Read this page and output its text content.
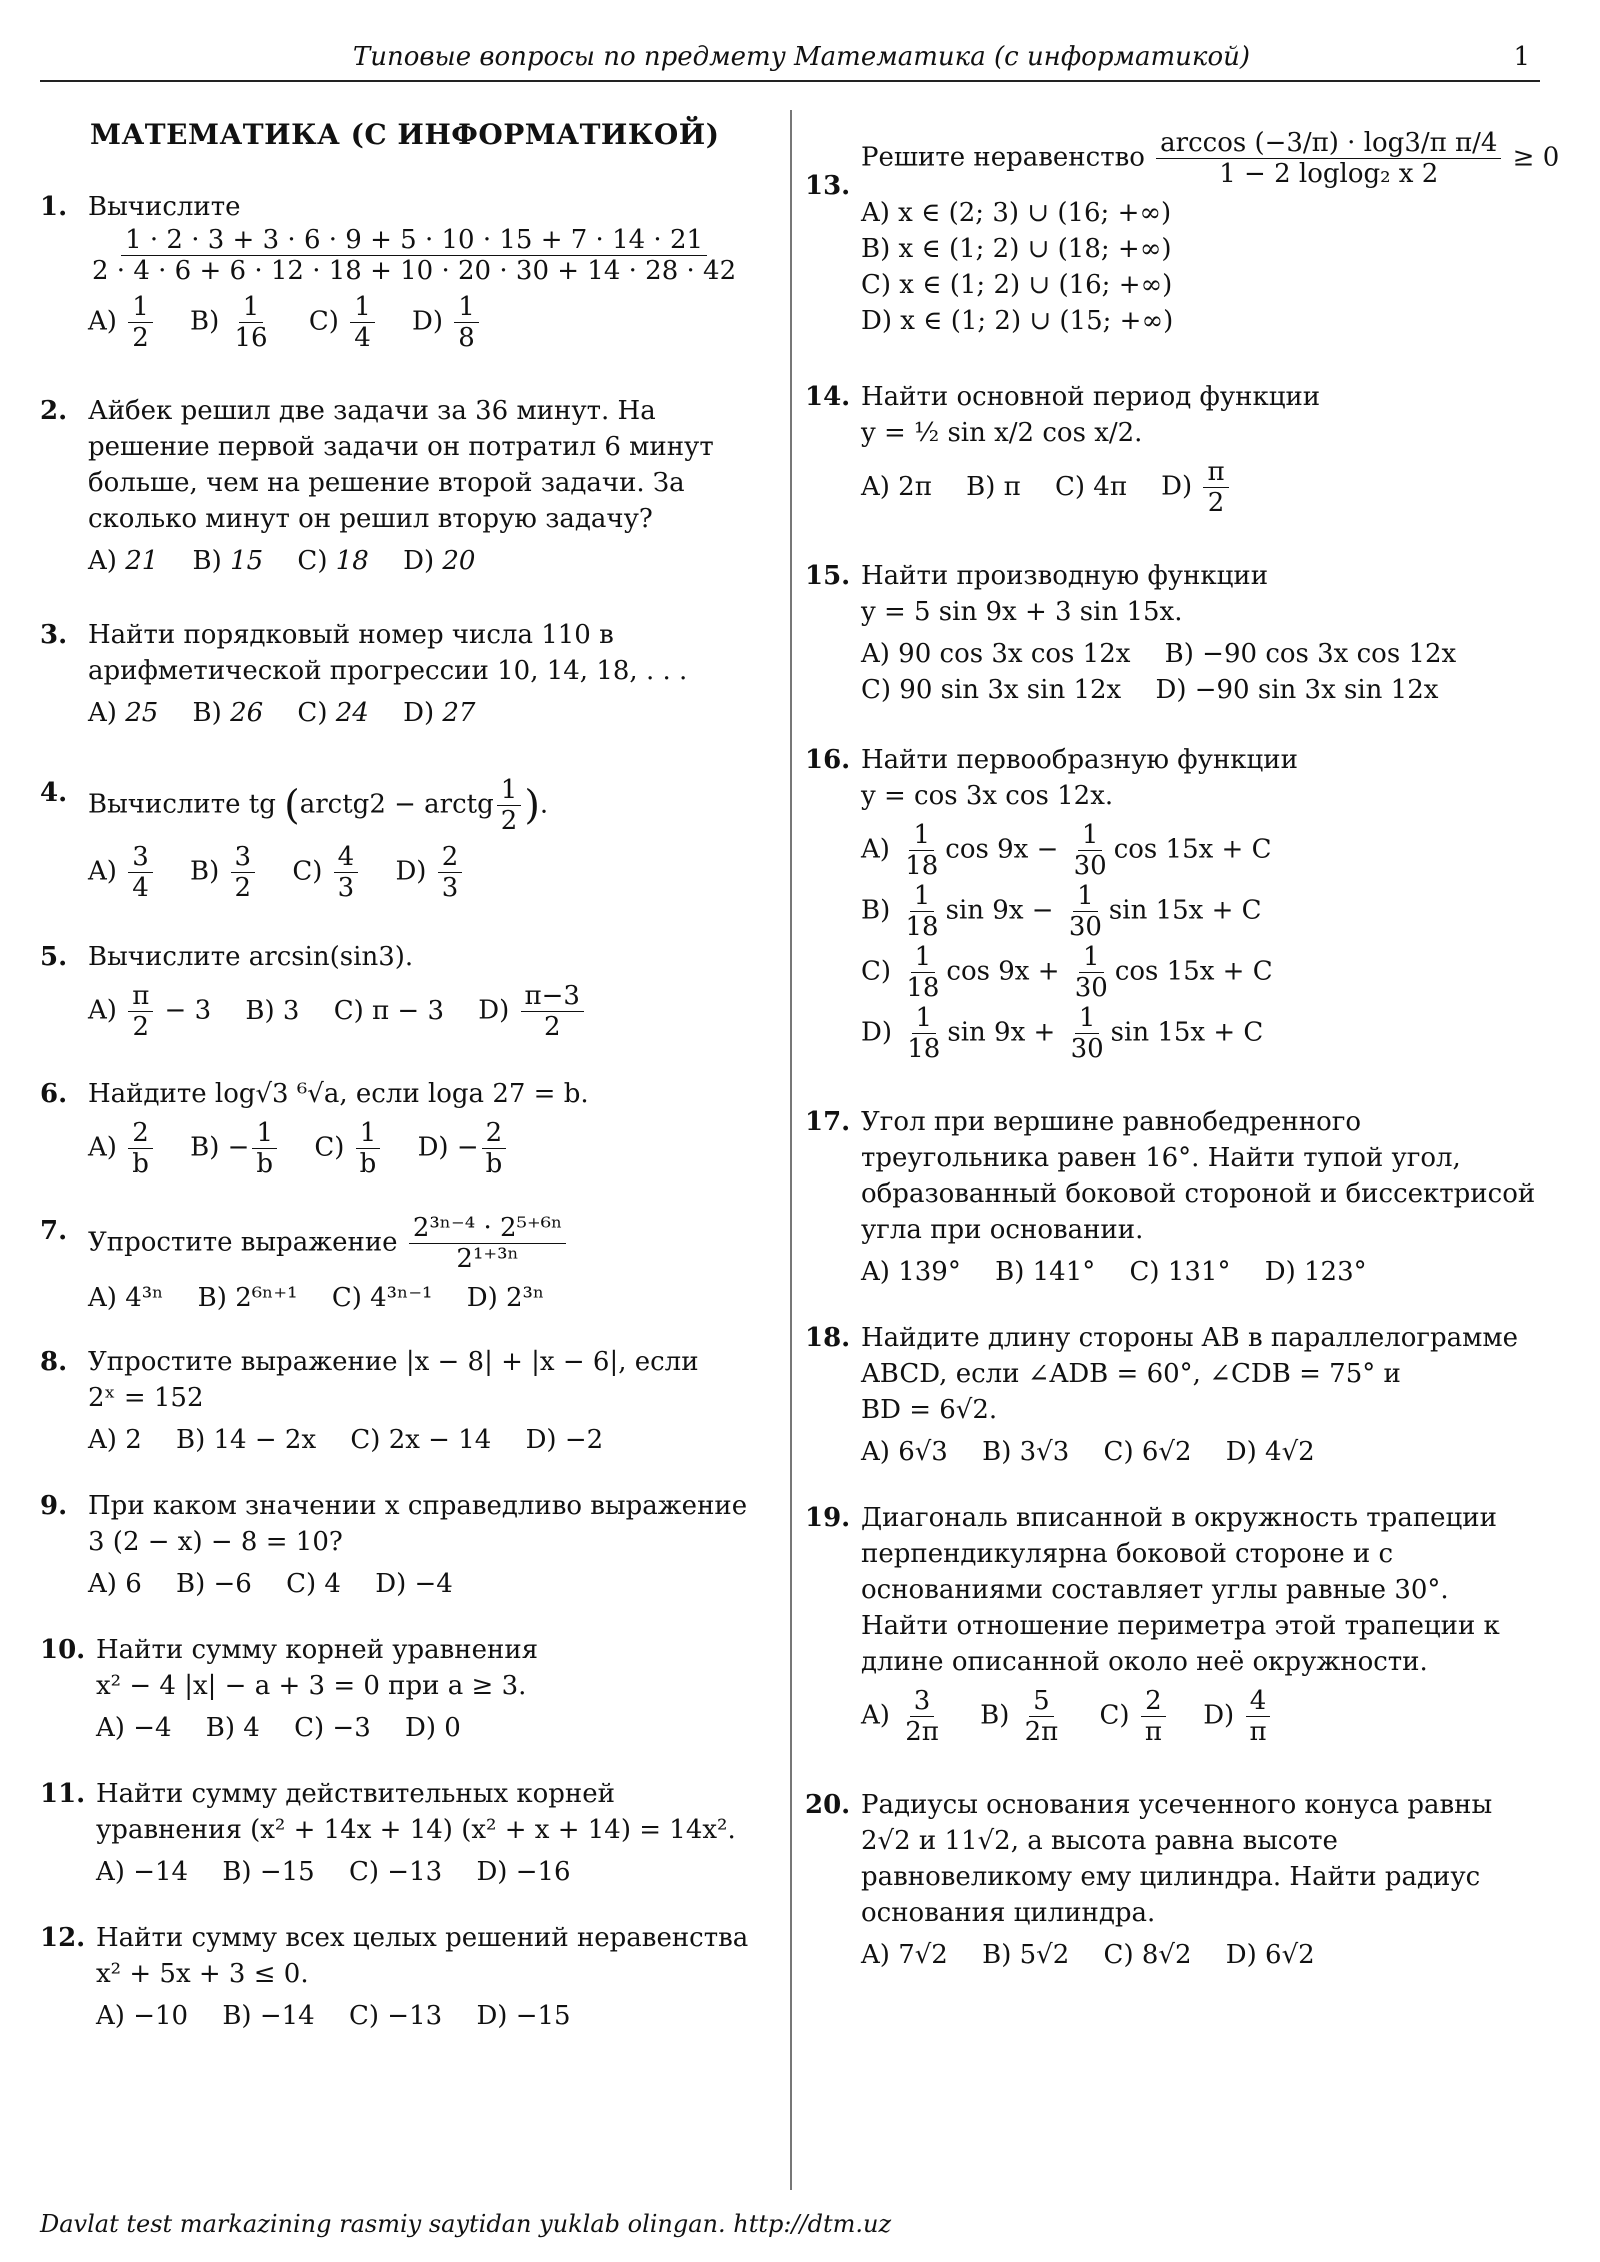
Типовые вопросы по предмету Математика (с информатикой)	1
МАТЕМАТИКА (С ИНФОРМАТИКОЙ)
1. Вычислите
$\frac{1 \cdot 2 \cdot 3 + 3 \cdot 6 \cdot 9 + 5 \cdot 10 \cdot 15 + 7 \cdot 14 \cdot 21}{2 \cdot 4 \cdot 6 + 6 \cdot 12 \cdot 18 + 10 \cdot 20 \cdot 30 + 14 \cdot 28 \cdot 42}$
$A) \frac{1}{2} B) \frac{1}{16} C) \frac{1}{4} D) \frac{1}{8}$
2. Айбек решил две задачи за 36 минут. На
решение первой задачи он потратил 6 минут
больше, чем на решение второй задачи. За
сколько минут он решил вторую задачу?
A) 21 B) 15 C) 18 D) 20
3. Найти порядковый номер числа 110 в
арифметической прогрессии 10, 14, 18, . . .
A) 25 B) 26 C) 24 D) 27
4. Вычислите tg (arctg2 − arctg $\frac{1}{2}$ ).
$A) \frac{3}{4} B) \frac{3}{2} C) \frac{4}{3} D) \frac{2}{3}$
5. Вычислите arcsin(sin3).
$A) \frac{\pi}{2} - 3$ B) 3 C) π − 3 $D) \frac{\pi-3}{2}$
6. Найдите log√3 ⁶√a, если loga 27 = b.
$A) \frac{2}{b} B) - \frac{1}{b} C) \frac{1}{b} D) - \frac{2}{b}$
7. Упростите выражение $\frac{\text{2³ⁿ⁻⁴ · 2⁵⁺⁶ⁿ}}{\text{2¹⁺³ⁿ}}$
A) 4³ⁿ B) 2⁶ⁿ⁺¹ C) 4³ⁿ⁻¹ D) 2³ⁿ
8. Упростите выражение |x − 8| + |x − 6|, если
2ˣ = 152
A) 2 B) 14 − 2x C) 2x − 14 D) −2
9. При каком значении x справедливо выражение
3 (2 − x) − 8 = 10?
A) 6 B) −6 C) 4 D) −4
10. Найти сумму корней уравнения
x² − 4 |x| − a + 3 = 0 при a ≥ 3.
A) −4 B) 4 C) −3 D) 0
11. Найти сумму действительных корней
уравнения (x² + 14x + 14) (x² + x + 14) = 14x².
A) −14 B) −15 C) −13 D) −16
12. Найти сумму всех целых решений неравенства
x² + 5x + 3 ≤ 0.
A) −10 B) −14 C) −13 D) −15
13.
Решите неравенство $\frac{\text{arccos (−3/π) · log3/π π/4}}{\text{1 − 2 loglog₂ x 2}} \ge 0$
A) x ∈ (2; 3) ∪ (16; +∞)
B) x ∈ (1; 2) ∪ (18; +∞)
C) x ∈ (1; 2) ∪ (16; +∞)
D) x ∈ (1; 2) ∪ (15; +∞)
14. Найти основной период функции
y = ½ sin x/2 cos x/2.
A) 2π B) π C) 4π $D) \frac{\pi}{2}$
15. Найти производную функции
y = 5 sin 9x + 3 sin 15x.
A) 90 cos 3x cos 12x B) −90 cos 3x cos 12x
C) 90 sin 3x sin 12x D) −90 sin 3x sin 12x
16. Найти первообразную функции
y = cos 3x cos 12x.
$A) \frac{1}{18}$ $\cos 9x - \frac{1}{30}$ cos 15x + C
$B) \frac{1}{18}$ $\sin 9x - \frac{1}{30}$ sin 15x + C
$C) \frac{1}{18}$ $\cos 9x + \frac{1}{30}$ cos 15x + C
$D) \frac{1}{18}$ $\sin 9x + \frac{1}{30}$ sin 15x + C
17. Угол при вершине равнобедренного
треугольника равен 16°. Найти тупой угол,
образованный боковой стороной и биссектрисой
угла при основании.
A) 139° B) 141° C) 131° D) 123°
18. Найдите длину стороны AB в параллелограмме
ABCD, если ∠ADB = 60°, ∠CDB = 75° и
BD = 6√2.
A) 6√3 B) 3√3 C) 6√2 D) 4√2
19. Диагональ вписанной в окружность трапеции
перпендикулярна боковой стороне и с
основаниями составляет углы равные 30°.
Найти отношение периметра этой трапеции к
длине описанной около неё окружности.
$A) \frac{3}{2\pi} B) \frac{5}{2\pi} C) \frac{2}{\pi} D) \frac{4}{\pi}$
20. Радиусы основания усеченного конуса равны
2√2 и 11√2, а высота равна высоте
равновеликому ему цилиндра. Найти радиус
основания цилиндра.
A) 7√2 B) 5√2 C) 8√2 D) 6√2
Davlat test markazining rasmiy saytidan yuklab olingan. http://dtm.uz
